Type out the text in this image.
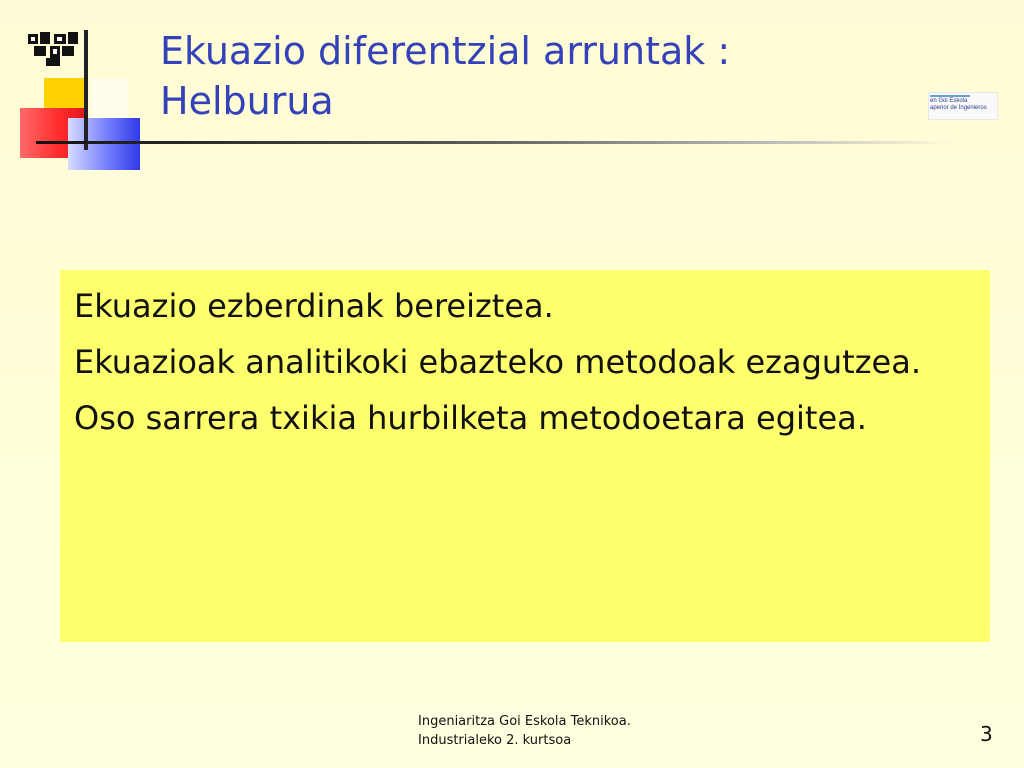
Ekuazio diferentzial arruntak :
Helburua	en Goi Eskola
aperior de Ingenieros
Ekuazio ezberdinak bereiztea.
Ekuazioak analitikoki ebazteko metodoak ezagutzea.
Oso sarrera txikia hurbilketa metodoetara egitea.
Ingeniaritza Goi Eskola Teknikoa.
Industrialeko 2. kurtsoa	3
